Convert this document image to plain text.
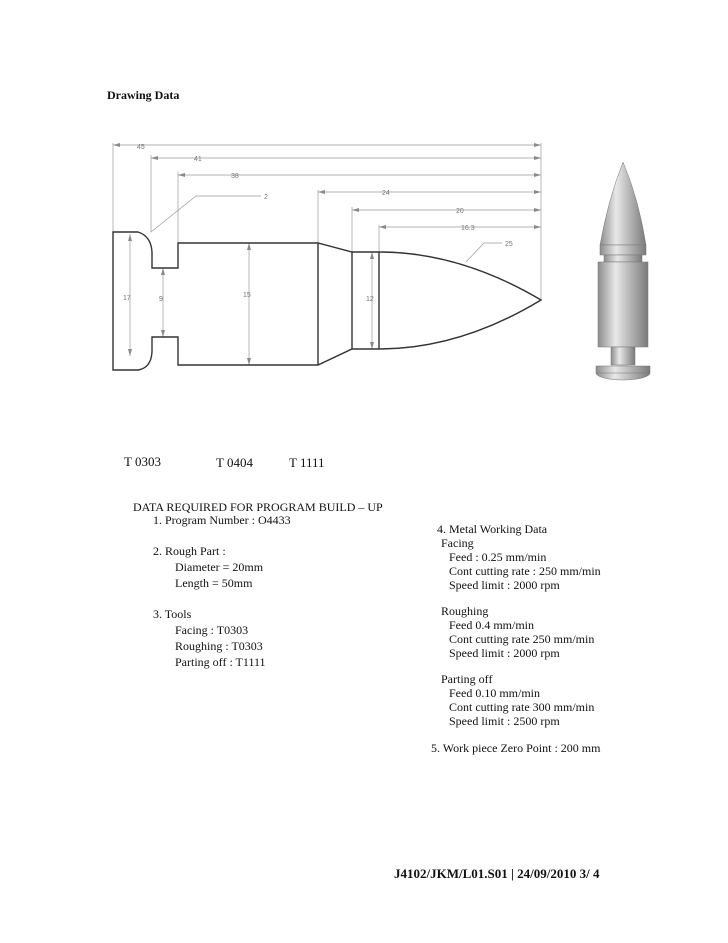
Drawing Data
45
41
38
2
24
20
16.3
25
17	9
15
12
T 0303	T 0404	T 1111
DATA REQUIRED FOR PROGRAM BUILD – UP
1. Program Number : O4433
2. Rough Part :
Diameter = 20mm
Length = 50mm
3. Tools
Facing : T0303
Roughing : T0303
Parting off : T1111
4. Metal Working Data
Facing
Feed : 0.25 mm/min
Cont cutting rate : 250 mm/min
Speed limit : 2000 rpm
Roughing
Feed 0.4 mm/min
Cont cutting rate 250 mm/min
Speed limit : 2000 rpm
Parting off
Feed 0.10 mm/min
Cont cutting rate 300 mm/min
Speed limit : 2500 rpm
5. Work piece Zero Point : 200 mm
J4102/JKM/L01.S01 | 24/09/2010 3/ 4
